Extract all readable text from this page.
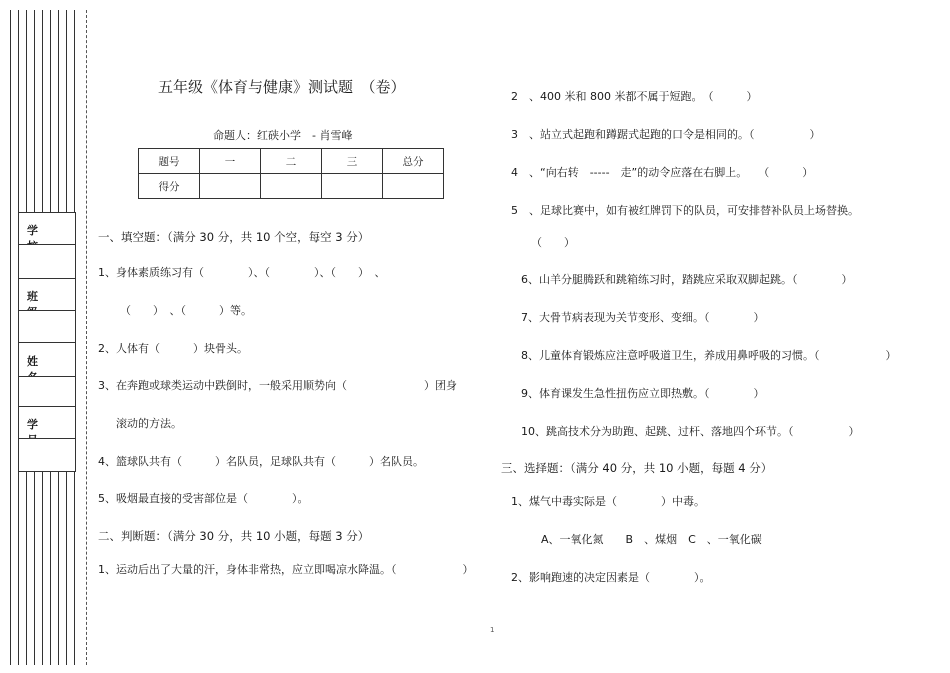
学
班
姓
学
五年级《体育与健康》测试题　（卷）
命题人：红硖小学　- 肖雪峰
题号	一	二	三	总分
得分				
一、填空题：（满分 30 分，共 10 个空，每空 3 分）
1、身体素质练习有（　　　　）、（　　　　）、（　　）　、
（　　）　、（　　　）等。
2、人体有（　　　）块骨头。
3、在奔跑或球类运动中跌倒时，一般采用顺势向（　　　　　　　）团身
滚动的方法。
4、篮球队共有（　　　）名队员，足球队共有（　　　）名队员。
5、吸烟最直接的受害部位是（　　　　）。
二、判断题：（满分 30 分，共 10 小题，每题 3 分）
1、运动后出了大量的汗，身体非常热，应立即喝凉水降温。（　　　　　　）
2　、400 米和 800 米都不属于短跑。　（　　　）
3　、站立式起跑和蹲踞式起跑的口令是相同的。（　　　　　）
4　、“向右转　-----　走”的动令应落在右脚上。　　（　　　）
5　、足球比赛中，如有被红牌罚下的队员，可安排替补队员上场替换。
（　　）
6、山羊分腿腾跃和跳箱练习时，踏跳应采取双脚起跳。（　　　　）
7、大骨节病表现为关节变形、变细。（　　　　）
8、儿童体育锻炼应注意呼吸道卫生，养成用鼻呼吸的习惯。（　　　　　　）
9、体育课发生急性扭伤应立即热敷。（　　　　）
10、跳高技术分为助跑、起跳、过杆、落地四个环节。（　　　　　）
三、选择题：（满分 40 分，共 10 小题，每题 4 分）
1、煤气中毒实际是（　　　　）中毒。
A、一氧化氮　　B　、煤烟　C　、一氧化碳
2、影响跑速的决定因素是（　　　　）。
1
